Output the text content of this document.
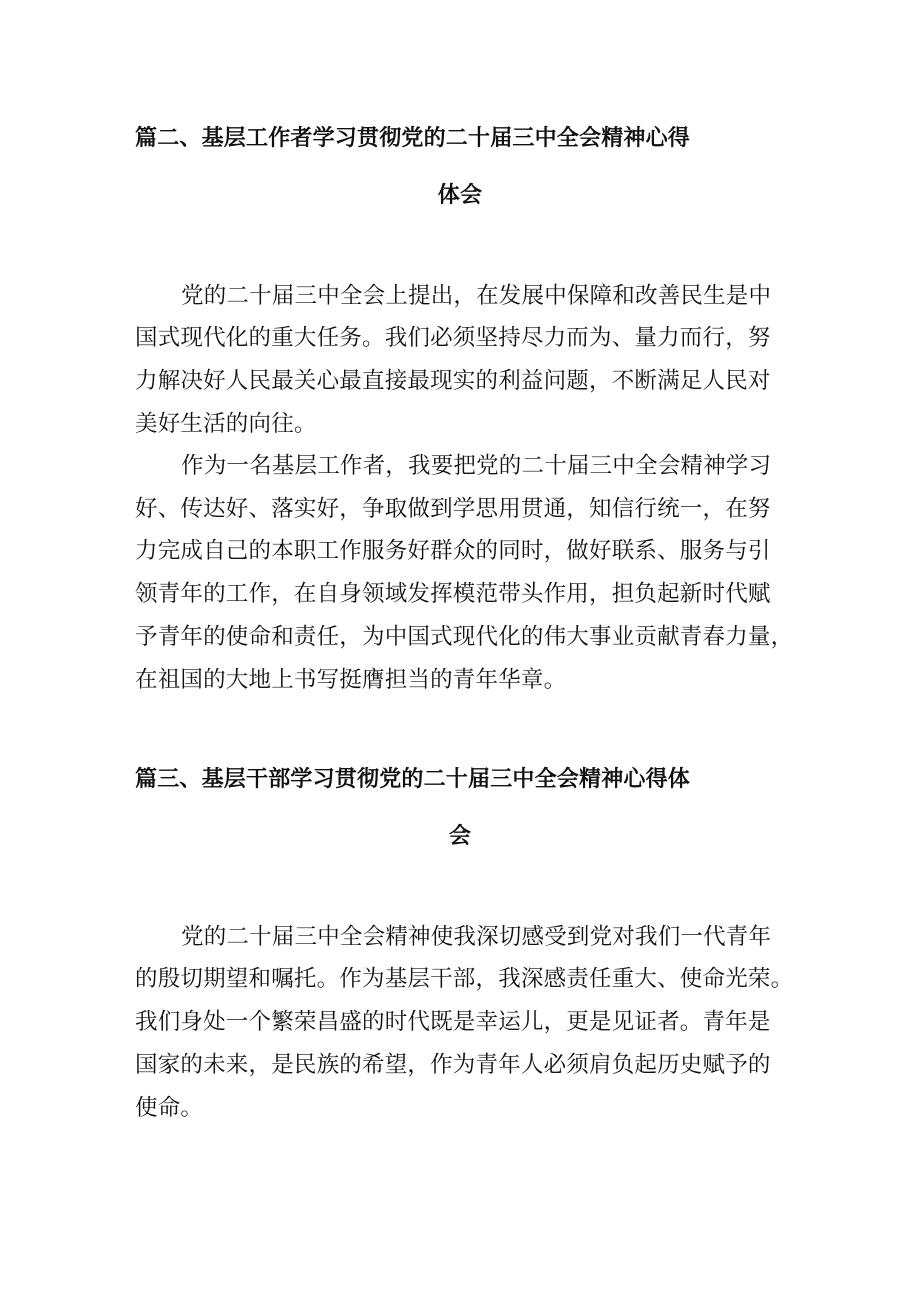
篇二、基层工作者学习贯彻党的二十届三中全会精神心得
体会
党的二十届三中全会上提出，在发展中保障和改善民生是中
国式现代化的重大任务。我们必须坚持尽力而为、量力而行，努
力解决好人民最关心最直接最现实的利益问题，不断满足人民对
美好生活的向往。
作为一名基层工作者，我要把党的二十届三中全会精神学习
好、传达好、落实好，争取做到学思用贯通，知信行统一，在努
力完成自己的本职工作服务好群众的同时，做好联系、服务与引
领青年的工作，在自身领域发挥模范带头作用，担负起新时代赋
予青年的使命和责任，为中国式现代化的伟大事业贡献青春力量，
在祖国的大地上书写挺膺担当的青年华章。
篇三、基层干部学习贯彻党的二十届三中全会精神心得体
会
党的二十届三中全会精神使我深切感受到党对我们一代青年
的殷切期望和嘱托。作为基层干部，我深感责任重大、使命光荣。
我们身处一个繁荣昌盛的时代既是幸运儿，更是见证者。青年是
国家的未来，是民族的希望，作为青年人必须肩负起历史赋予的
使命。
